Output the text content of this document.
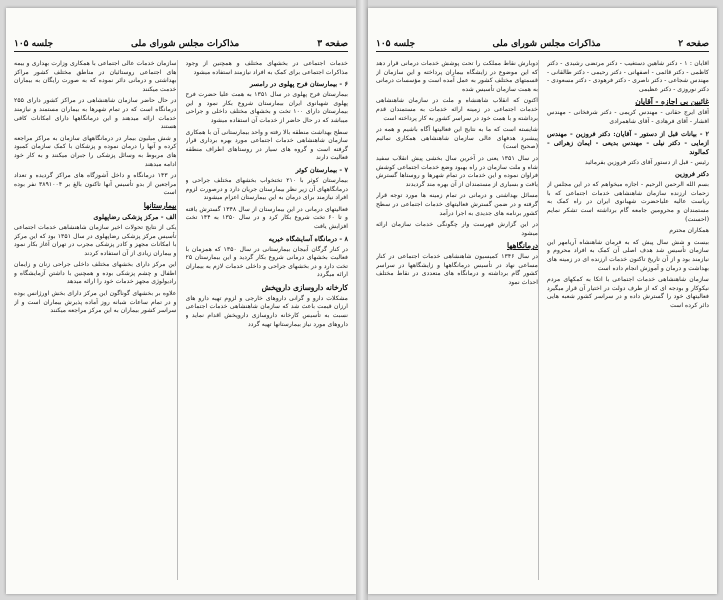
صفحه ۳
مذاکرات مجلس شورای ملی
جلسه ۱۰۵
خدمات اجتماعی در بخشهای مختلف و همچنین از وجود مذاکرات اجتماعی برای کمک به افراد نیازمند استفاده میشود
۶ - بیمارستان فرح پهلوی در رامسر
بیمارستان فرح پهلوی در سال ۱۳۵۱ به همت علیا حضرت فرح پهلوی شهبانوی ایران بیمارستان شروع بکار نمود و این بیمارستان دارای ۱۰۰ تخت و بخشهای مختلف داخلی و جراحی میباشد که در حال حاضر از خدمات آن استفاده میشود
سطح بهداشت منطقه بالا رفته و واحد بیمارستانی آن با همکاری سازمان شاهنشاهی خدمات اجتماعی مورد بهره برداری قرار گرفته است و گروه های سیار در روستاهای اطراف منطقه فعالیت دارند
۷ - بیمارستان کوثر
بیمارستان کوثر با ۲۱۰ تختخواب بخشهای مختلف جراحی و درمانگاههای آن زیر نظر بیمارستان جریان دارد و درصورت لزوم افراد نیازمند برای درمان به این بیمارستان اعزام میشوند
فعالیتهای درمانی در این بیمارستان از سال ۱۳۴۸ گسترش یافته و تا ۶۰ تخت شروع بکار کرد و در سال ۱۳۵۰ به ۱۴۴ تخت افزایش یافت
۸ - درمانگاه آسایشگاه خیریه
در کنار گرگان آبیجان بیمارستانی در سال ۱۳۵۰ که همزمان با فعالیت بخشهای درمانی شروع بکار گردید و این بیمارستان ۲۵ تخت دارد و در بخشهای جراحی و داخلی خدمات لازم به بیماران ارائه میگردد
کارخانه داروسازی داروپخش
مشکلات دارو و گرانی داروهای خارجی و لزوم تهیه دارو های ارزان قیمت باعث شد که سازمان شاهنشاهی خدمات اجتماعی نسبت به تأسیس کارخانه داروسازی داروپخش اقدام نماید و داروهای مورد نیاز بیمارستانها تهیه گردد
سازمان خدمات عالی اجتماعی با همکاری وزارت بهداری و بیمه های اجتماعی روستائیان در مناطق مختلف کشور مراکز بهداشتی و درمانی دائر نموده که به صورت رایگان به بیماران خدمت میکنند
در حال حاضر سازمان شاهنشاهی در مراکز کشور دارای ۲۵۵ درمانگاه است که در تمام شهرها به بیماران مستمند و نیازمند خدمات ارائه میدهند و این درمانگاهها دارای امکانات کافی هستند
و شش میلیون بیمار در درمانگاههای سازمان به مراکز مراجعه کرده و آنها را درمان نموده و پزشکان با کمک سازمان کمبود های مربوط به وسائل پزشکی را جبران میکنند و به کار خود ادامه میدهند
در ۱۴۳ درمانگاه و داخل آشوزگاه های مراکز گردیده و تعداد مراجعین از بدو تأسیس آنها تاکنون بالغ بر ۳۸۹۱۰۰۴ نفر بوده است
بیمارستانها
الف - مرکز پزشکی رضاپهلوی
یکی از نتایج تحولات اخیر سازمان شاهنشاهی خدمات اجتماعی تأسیس مرکز پزشکی رضاپهلوی در سال ۱۳۵۱ بود که این مرکز با امکانات مجهز و کادر پزشکی مجرب در تهران آغاز بکار نمود و بیماران زیادی از آن استفاده کردند
این مرکز دارای بخشهای مختلف داخلی جراحی زنان و زایمان اطفال و چشم پزشکی بوده و همچنین با داشتن آزمایشگاه و رادیولوژی مجهز خدمات خود را ارائه میدهد
علاوه بر بخشهای گوناگون این مرکز دارای بخش اورژانس بوده و در تمام ساعات شبانه روز آماده پذیرش بیماران است و از سراسر کشور بیماران به این مرکز مراجعه میکنند
صفحه ۲
مذاکرات مجلس شورای ملی
جلسه ۱۰۵
آقایان : ۱ - دکتر شاهین دستغیب - دکتر مرتضی رشیدی - دکتر کاظمی - دکتر قائمی - اصفهانی - دکتر رحیمی - دکتر طالقانی - مهندس شجاعی - دکتر ناصری - دکتر فرهودی - دکتر مسعودی - دکتر نوروزی - دکتر عظیمی
غائبین بی اجازه - آقایان
آقای ایرج حقانی - مهندس کریمی - دکتر شرفخانی - مهندس افشار - آقای فرهادی - آقای شاهمرادی
۲ - بیانات قبل از دستور - آقایان: دکتر فروزین - مهندس ازمایی - دکتر نیلی - مهندس بدیعی - ایمان زهرائی - کمالوند
رئیس - قبل از دستور آقای دکتر فروزین بفرمائید
دکتر فروزین
بسم الله الرحمن الرحیم - اجازه میخواهم که در این مجلس از زحمات ارزنده سازمان شاهنشاهی خدمات اجتماعی که با ریاست عالیه علیاحضرت شهبانوی ایران در راه کمک به مستمندان و محرومین جامعه گام برداشته است تشکر نمایم (احسنت)
همکاران محترم
بیست و شش سال پیش که به فرمان شاهنشاه آریامهر این سازمان تأسیس شد هدف اصلی آن کمک به افراد محروم و نیازمند بود و از آن تاریخ تاکنون خدمات ارزنده ای در زمینه های بهداشت و درمان و آموزش انجام داده است
سازمان شاهنشاهی خدمات اجتماعی با اتکا به کمکهای مردم نیکوکار و بودجه ای که از طرف دولت در اختیار آن قرار میگیرد فعالیتهای خود را گسترش داده و در سراسر کشور شعبه هایی دائر کرده است
دوبارش نقاط مملکت را تحت پوشش خدمات درمانی قرار دهد که این موضوع در زایشگاه بیماران پرداخته و این سازمان از قسمتهای مختلف کشور به عمل آمده است و مؤسسات درمانی به همت سازمان تأسیس شده
اکنون که انقلاب شاهنشاه و ملت در سازمان شاهنشاهی خدمات اجتماعی در زمینه ارائه خدمات به مستمندان قدم برداشته و با همت خود در سراسر کشور به کار پرداخته است
شایسته است که ما به نتایج این فعالیتها آگاه باشیم و همه در پیشبرد هدفهای عالی سازمان شاهنشاهی همکاری نمائیم (صحیح است)
در سال ۱۳۵۱ یعنی در آخرین سال بخشی پیش انقلاب سفید شاه و ملت سازمان در راه بهبود وضع خدمات اجتماعی کوشش فراوان نموده و این خدمات در تمام شهرها و روستاها گسترش یافت و بسیاری از مستمندان از آن بهره مند گردیدند
مسائل بهداشتی و درمانی در تمام زمینه ها مورد توجه قرار گرفته و در ضمن گسترش فعالیتهای خدمات اجتماعی در سطح کشور برنامه های جدیدی به اجرا درآمد
در این گزارش فهرست وار چگونگی خدمات سازمان ارائه میشود
درمانگاهها
در سال ۱۳۴۶ کمیسیون شاهنشاهی خدمات اجتماعی در کنار مساعی نهاد در تأسیس درمانگاهها و زایشگاهها در سراسر کشور گام برداشته و درمانگاه های متعددی در نقاط مختلف احداث نمود
